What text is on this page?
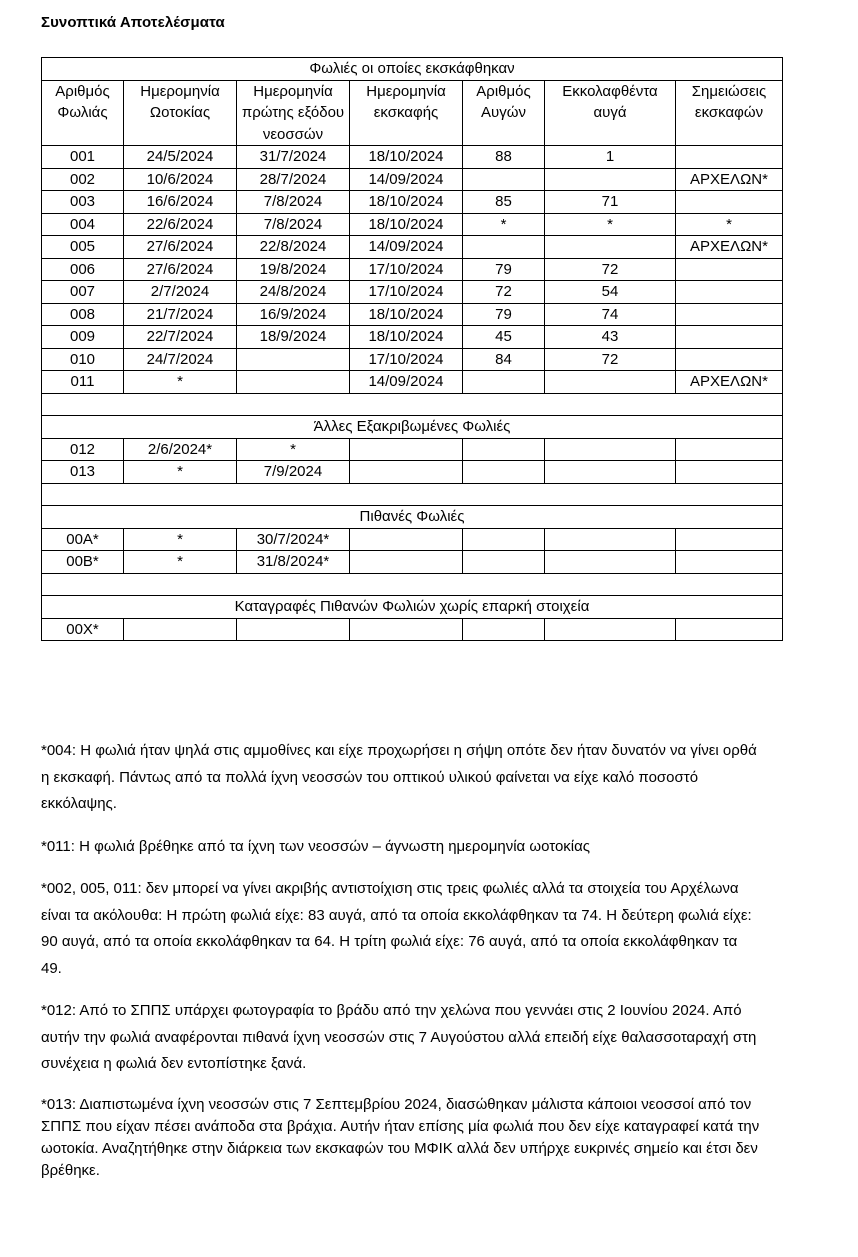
Συνοπτικά Αποτελέσματα
Φωλιές οι οποίες εκσκάφθηκαν						
Αριθμός Φωλιάς	Ημερομηνία Ωοτοκίας	Ημερομηνία πρώτης εξόδου νεοσσών	Ημερομηνία εκσκαφής	Αριθμός Αυγών	Εκκολαφθέντα αυγά	Σημειώσεις εκσκαφών
001	24/5/2024	31/7/2024	18/10/2024	88	1	
002	10/6/2024	28/7/2024	14/09/2024			ΑΡΧΕΛΩΝ*
003	16/6/2024	7/8/2024	18/10/2024	85	71	
004	22/6/2024	7/8/2024	18/10/2024	*	*	*
005	27/6/2024	22/8/2024	14/09/2024			ΑΡΧΕΛΩΝ*
006	27/6/2024	19/8/2024	17/10/2024	79	72	
007	2/7/2024	24/8/2024	17/10/2024	72	54	
008	21/7/2024	16/9/2024	18/10/2024	79	74	
009	22/7/2024	18/9/2024	18/10/2024	45	43	
010	24/7/2024		17/10/2024	84	72	
011	*		14/09/2024			ΑΡΧΕΛΩΝ*

Άλλες Εξακριβωμένες Φωλιές						
012	2/6/2024*	*				
013	*	7/9/2024				

Πιθανές Φωλιές						
00Α*	*	30/7/2024*				
00Β*	*	31/8/2024*				

Καταγραφές Πιθανών Φωλιών χωρίς επαρκή στοιχεία						
00Χ*						

*004: Η φωλιά ήταν ψηλά στις αμμοθίνες και είχε προχωρήσει η σήψη οπότε δεν ήταν δυνατόν να γίνει ορθά η εκσκαφή. Πάντως από τα πολλά ίχνη νεοσσών του οπτικού υλικού φαίνεται να είχε καλό ποσοστό εκκόλαψης.

*011: Η φωλιά βρέθηκε από τα ίχνη των νεοσσών – άγνωστη ημερομηνία ωοτοκίας

*002, 005, 011: δεν μπορεί να γίνει ακριβής αντιστοίχιση στις τρεις φωλιές αλλά τα στοιχεία του Αρχέλωνα είναι τα ακόλουθα: Η πρώτη φωλιά είχε: 83 αυγά, από τα οποία εκκολάφθηκαν τα 74. Η δεύτερη φωλιά είχε: 90 αυγά, από τα οποία εκκολάφθηκαν τα 64. Η τρίτη φωλιά είχε: 76 αυγά, από τα οποία εκκολάφθηκαν τα 49.

*012: Από το ΣΠΠΣ υπάρχει φωτογραφία το βράδυ από την χελώνα που γεννάει στις 2 Ιουνίου 2024. Από αυτήν την φωλιά αναφέρονται πιθανά ίχνη νεοσσών στις 7 Αυγούστου αλλά επειδή είχε θαλασσοταραχή στη συνέχεια η φωλιά δεν εντοπίστηκε ξανά.

*013: Διαπιστωμένα ίχνη νεοσσών στις 7 Σεπτεμβρίου 2024, διασώθηκαν μάλιστα κάποιοι νεοσσοί από τον ΣΠΠΣ που είχαν πέσει ανάποδα στα βράχια. Αυτήν ήταν επίσης μία φωλιά που δεν είχε καταγραφεί κατά την ωοτοκία. Αναζητήθηκε στην διάρκεια των εκσκαφών του ΜΦΙΚ αλλά δεν υπήρχε ευκρινές σημείο και έτσι δεν βρέθηκε.
